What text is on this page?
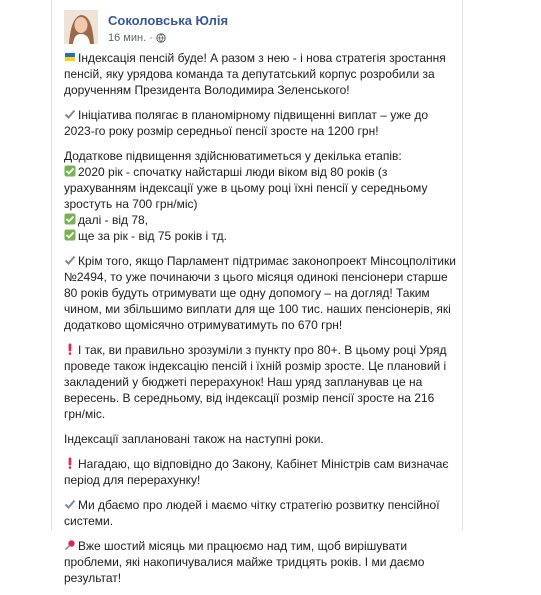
Соколовська Юлія
16 мин. ·

Індексація пенсій буде! А разом з нею - і нова стратегія зростання пенсій, яку урядова команда та депутатський корпус розробили за дорученням Президента Володимира Зеленського!

Ініціатива полягає в планомірному підвищенні виплат – уже до 2023-го року розмір середньої пенсії зросте на 1200 грн!

Додаткове підвищення здійснюватиметься у декілька етапів:
2020 рік - спочатку найстарші люди віком від 80 років (з урахуванням індексації уже в цьому році їхні пенсії у середньому зростуть на 700 грн/міс)
далі - від 78,
ще за рік - від 75 років і тд.

Крім того, якщо Парламент підтримає законопроект Мінсоцполітики №2494, то уже починаючи з цього місяця одинокі пенсіонери старше 80 років будуть отримувати ще одну допомогу – на догляд! Таким чином, ми збільшимо виплати для ще 100 тис. наших пенсіонерів, які додатково щомісячно отримуватимуть по 670 грн!

І так, ви правильно зрозуміли з пункту про 80+. В цьому році Уряд проведе також індексацію пенсій і їхній розмір зросте. Це плановий і закладений у бюджеті перерахунок! Наш уряд запланував це на вересень. В середньому, від індексації розмір пенсії зросте на 216 грн/міс.

Індексації заплановані також на наступні роки.

Нагадаю, що відповідно до Закону, Кабінет Міністрів сам визначає період для перерахунку!

Ми дбаємо про людей і маємо чітку стратегію розвитку пенсійної системи.

Вже шостий місяць ми працюємо над тим, щоб вирішувати проблеми, які накопичувалися майже тридцять років. І ми даємо результат!
